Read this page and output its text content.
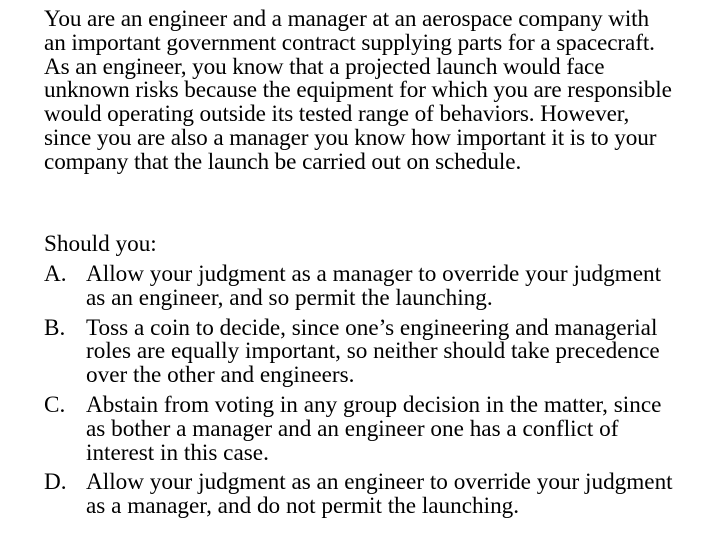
You are an engineer and a manager at an aerospace company with an important government contract supplying parts for a spacecraft. As an engineer, you know that a projected launch would face unknown risks because the equipment for which you are responsible would operating outside its tested range of behaviors. However, since you are also a manager you know how important it is to your company that the launch be carried out on schedule.

Should you:

A. Allow your judgment as a manager to override your judgment as an engineer, and so permit the launching.
B. Toss a coin to decide, since one’s engineering and managerial roles are equally important, so neither should take precedence over the other and engineers.
C. Abstain from voting in any group decision in the matter, since as bother a manager and an engineer one has a conflict of interest in this case.
D. Allow your judgment as an engineer to override your judgment as a manager, and do not permit the launching.
